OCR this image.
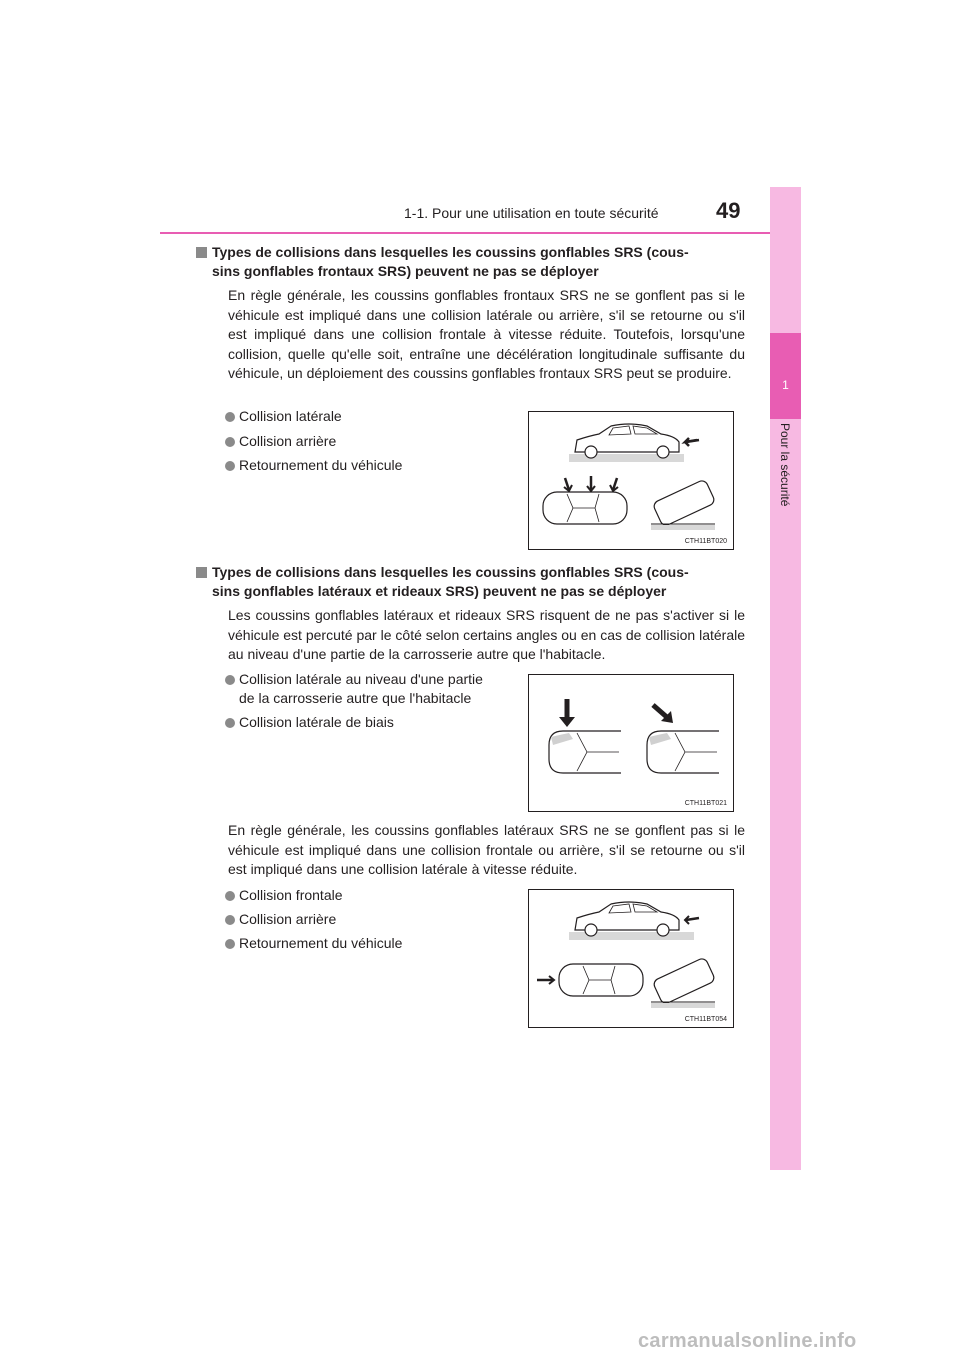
1-1. Pour une utilisation en toute sécurité	49
1
Pour la sécurité
Types de collisions dans lesquelles les coussins gonflables SRS (cous-
sins gonflables frontaux SRS) peuvent ne pas se déployer
En règle générale, les coussins gonflables frontaux SRS ne se gonflent pas si le véhicule est impliqué dans une collision latérale ou arrière, s'il se retourne ou s'il est impliqué dans une collision frontale à vitesse réduite. Toutefois, lorsqu'une collision, quelle qu'elle soit, entraîne une décélération longitudinale suffisante du véhicule, un déploiement des coussins gonflables frontaux SRS peut se produire.
Collision latérale
Collision arrière
Retournement du véhicule
CTH11BT020
Types de collisions dans lesquelles les coussins gonflables SRS (cous-
sins gonflables latéraux et rideaux SRS) peuvent ne pas se déployer
Les coussins gonflables latéraux et rideaux SRS risquent de ne pas s'activer si le véhicule est percuté par le côté selon certains angles ou en cas de collision latérale au niveau d'une partie de la carrosserie autre que l'habitacle.
Collision latérale au niveau d'une partie
de la carrosserie autre que l'habitacle
Collision latérale de biais
CTH11BT021
En règle générale, les coussins gonflables latéraux SRS ne se gonflent pas si le véhicule est impliqué dans une collision frontale ou arrière, s'il se retourne ou s'il est impliqué dans une collision latérale à vitesse réduite.
Collision frontale
Collision arrière
Retournement du véhicule
CTH11BT054
carmanualsonline.info
